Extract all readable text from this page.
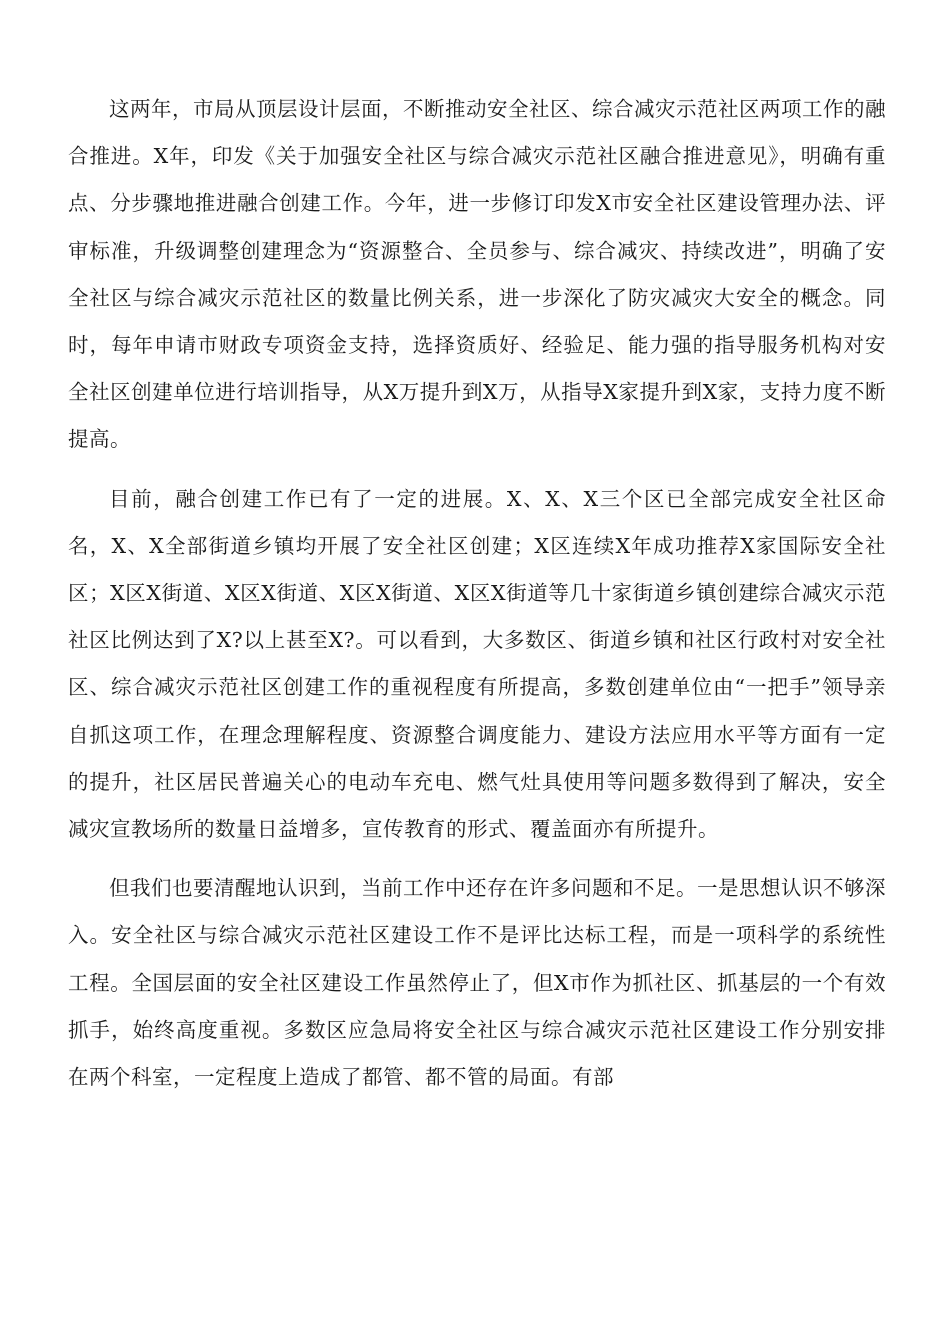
这两年，市局从顶层设计层面，不断推动安全社区、综合减灾示范社区两项工作的融合推进。X年，印发《关于加强安全社区与综合减灾示范社区融合推进意见》，明确有重点、分步骤地推进融合创建工作。今年，进一步修订印发X市安全社区建设管理办法、评审标准，升级调整创建理念为“资源整合、全员参与、综合减灾、持续改进”，明确了安全社区与综合减灾示范社区的数量比例关系，进一步深化了防灾减灾大安全的概念。同时，每年申请市财政专项资金支持，选择资质好、经验足、能力强的指导服务机构对安全社区创建单位进行培训指导，从X万提升到X万，从指导X家提升到X家，支持力度不断提高。

目前，融合创建工作已有了一定的进展。X、X、X三个区已全部完成安全社区命名，X、X全部街道乡镇均开展了安全社区创建；X区连续X年成功推荐X家国际安全社区；X区X街道、X区X街道、X区X街道、X区X街道等几十家街道乡镇创建综合减灾示范社区比例达到了X?以上甚至X?。可以看到，大多数区、街道乡镇和社区行政村对安全社区、综合减灾示范社区创建工作的重视程度有所提高，多数创建单位由“一把手”领导亲自抓这项工作，在理念理解程度、资源整合调度能力、建设方法应用水平等方面有一定的提升，社区居民普遍关心的电动车充电、燃气灶具使用等问题多数得到了解决，安全减灾宣教场所的数量日益增多，宣传教育的形式、覆盖面亦有所提升。

但我们也要清醒地认识到，当前工作中还存在许多问题和不足。一是思想认识不够深入。安全社区与综合减灾示范社区建设工作不是评比达标工程，而是一项科学的系统性工程。全国层面的安全社区建设工作虽然停止了，但X市作为抓社区、抓基层的一个有效抓手，始终高度重视。多数区应急局将安全社区与综合减灾示范社区建设工作分别安排在两个科室，一定程度上造成了都管、都不管的局面。有部
